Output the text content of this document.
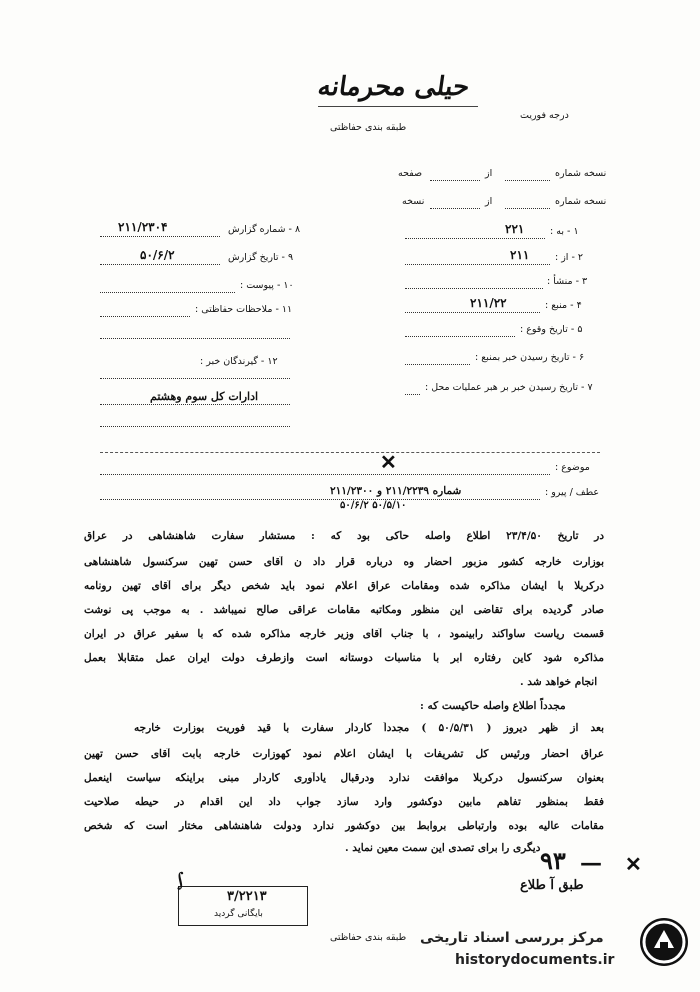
حیلی محرمانه
درجه فوریت
طبقه بندی حفاظتی
نسخه شماره
از
صفحه
نسخه شماره
از
نسخه
۱ - به :
۲۲۱
۲ - از :
۲۱۱
۳ - منشأ :
۴ - منبع :
۲۱۱/۲۲
۵ - تاریخ وقوع :
۶ - تاریخ رسیدن خبر بمنبع :
۷ - تاریخ رسیدن خبر بر هبر عملیات محل :
۸ - شماره گزارش
۲۱۱/۲۳۰۴
۹ - تاریخ گزارش
۵۰/۶/۲
۱۰ - پیوست :
۱۱ - ملاحظات حفاظتی :
۱۲ - گیرندگان خبر :
ادارات کل سوم وهشتم
موضوع :
✕
عطف / پیرو :
شماره ۲۱۱/۲۲۳۹ و ۲۱۱/۲۳۰۰
۵۰/۶/۲ ۵۰/۵/۱۰
در تاریخ ۲۳/۴/۵۰ اطلاع واصله حاکی بود که : مستشار سفارت شاهنشاهی در عراق
بوزارت خارجه کشور مزبور احضار وه درباره قرار داد ن آقای حسن تهین سرکنسول شاهنشاهی
درکربلا با ایشان مذاکره شده ومقامات عراق اعلام نمود باید شخص دیگر برای آقای تهین رونامه
صادر گردیده برای تقاضی این منظور ومکاتبه مقامات عراقی صالح نمیباشد . به موجب پی نوشت
قسمت ریاست ساواکند رابینمود ، با جناب آقای وزیر خارجه مذاکره شده که با سفیر عراق در ایران
مذاکره شود کاین رفتاره ابر با مناسبات دوستانه است وازطرف دولت ایران عمل متقابلا بعمل
انجام خواهد شد .
مجدداً اطلاع واصله حاکیست که :
بعد از ظهر دیروز ( ۵۰/۵/۳۱ ) مجدداً کاردار سفارت با قید فوریت بوزارت خارجه
عراق احضار ورئیس کل تشریفات با ایشان اعلام نمود کهوزارت خارجه بابت آقای حسن تهین
بعنوان سرکنسول درکربلا موافقت ندارد ودرقبال یادآوری کاردار مبنی براینکه سیاست اینعمل
فقط بمنظور تفاهم مابین دوکشور وارد سازد جواب داد این اقدام در حیطه صلاحیت
مقامات عالیه بوده وارتباطی بروابط بین دوکشور ندارد ودولت شاهنشاهی مختار است که شخص
دیگری را برای تصدی این سمت معین نماید . ۹۳ — ✕
طبق آ طلاع
۳/۲۲۱۳
بایگانی گردید
∫
طبقه بندی حفاظتی مرکز بررسی اسناد تاریخی
historydocuments.ir
